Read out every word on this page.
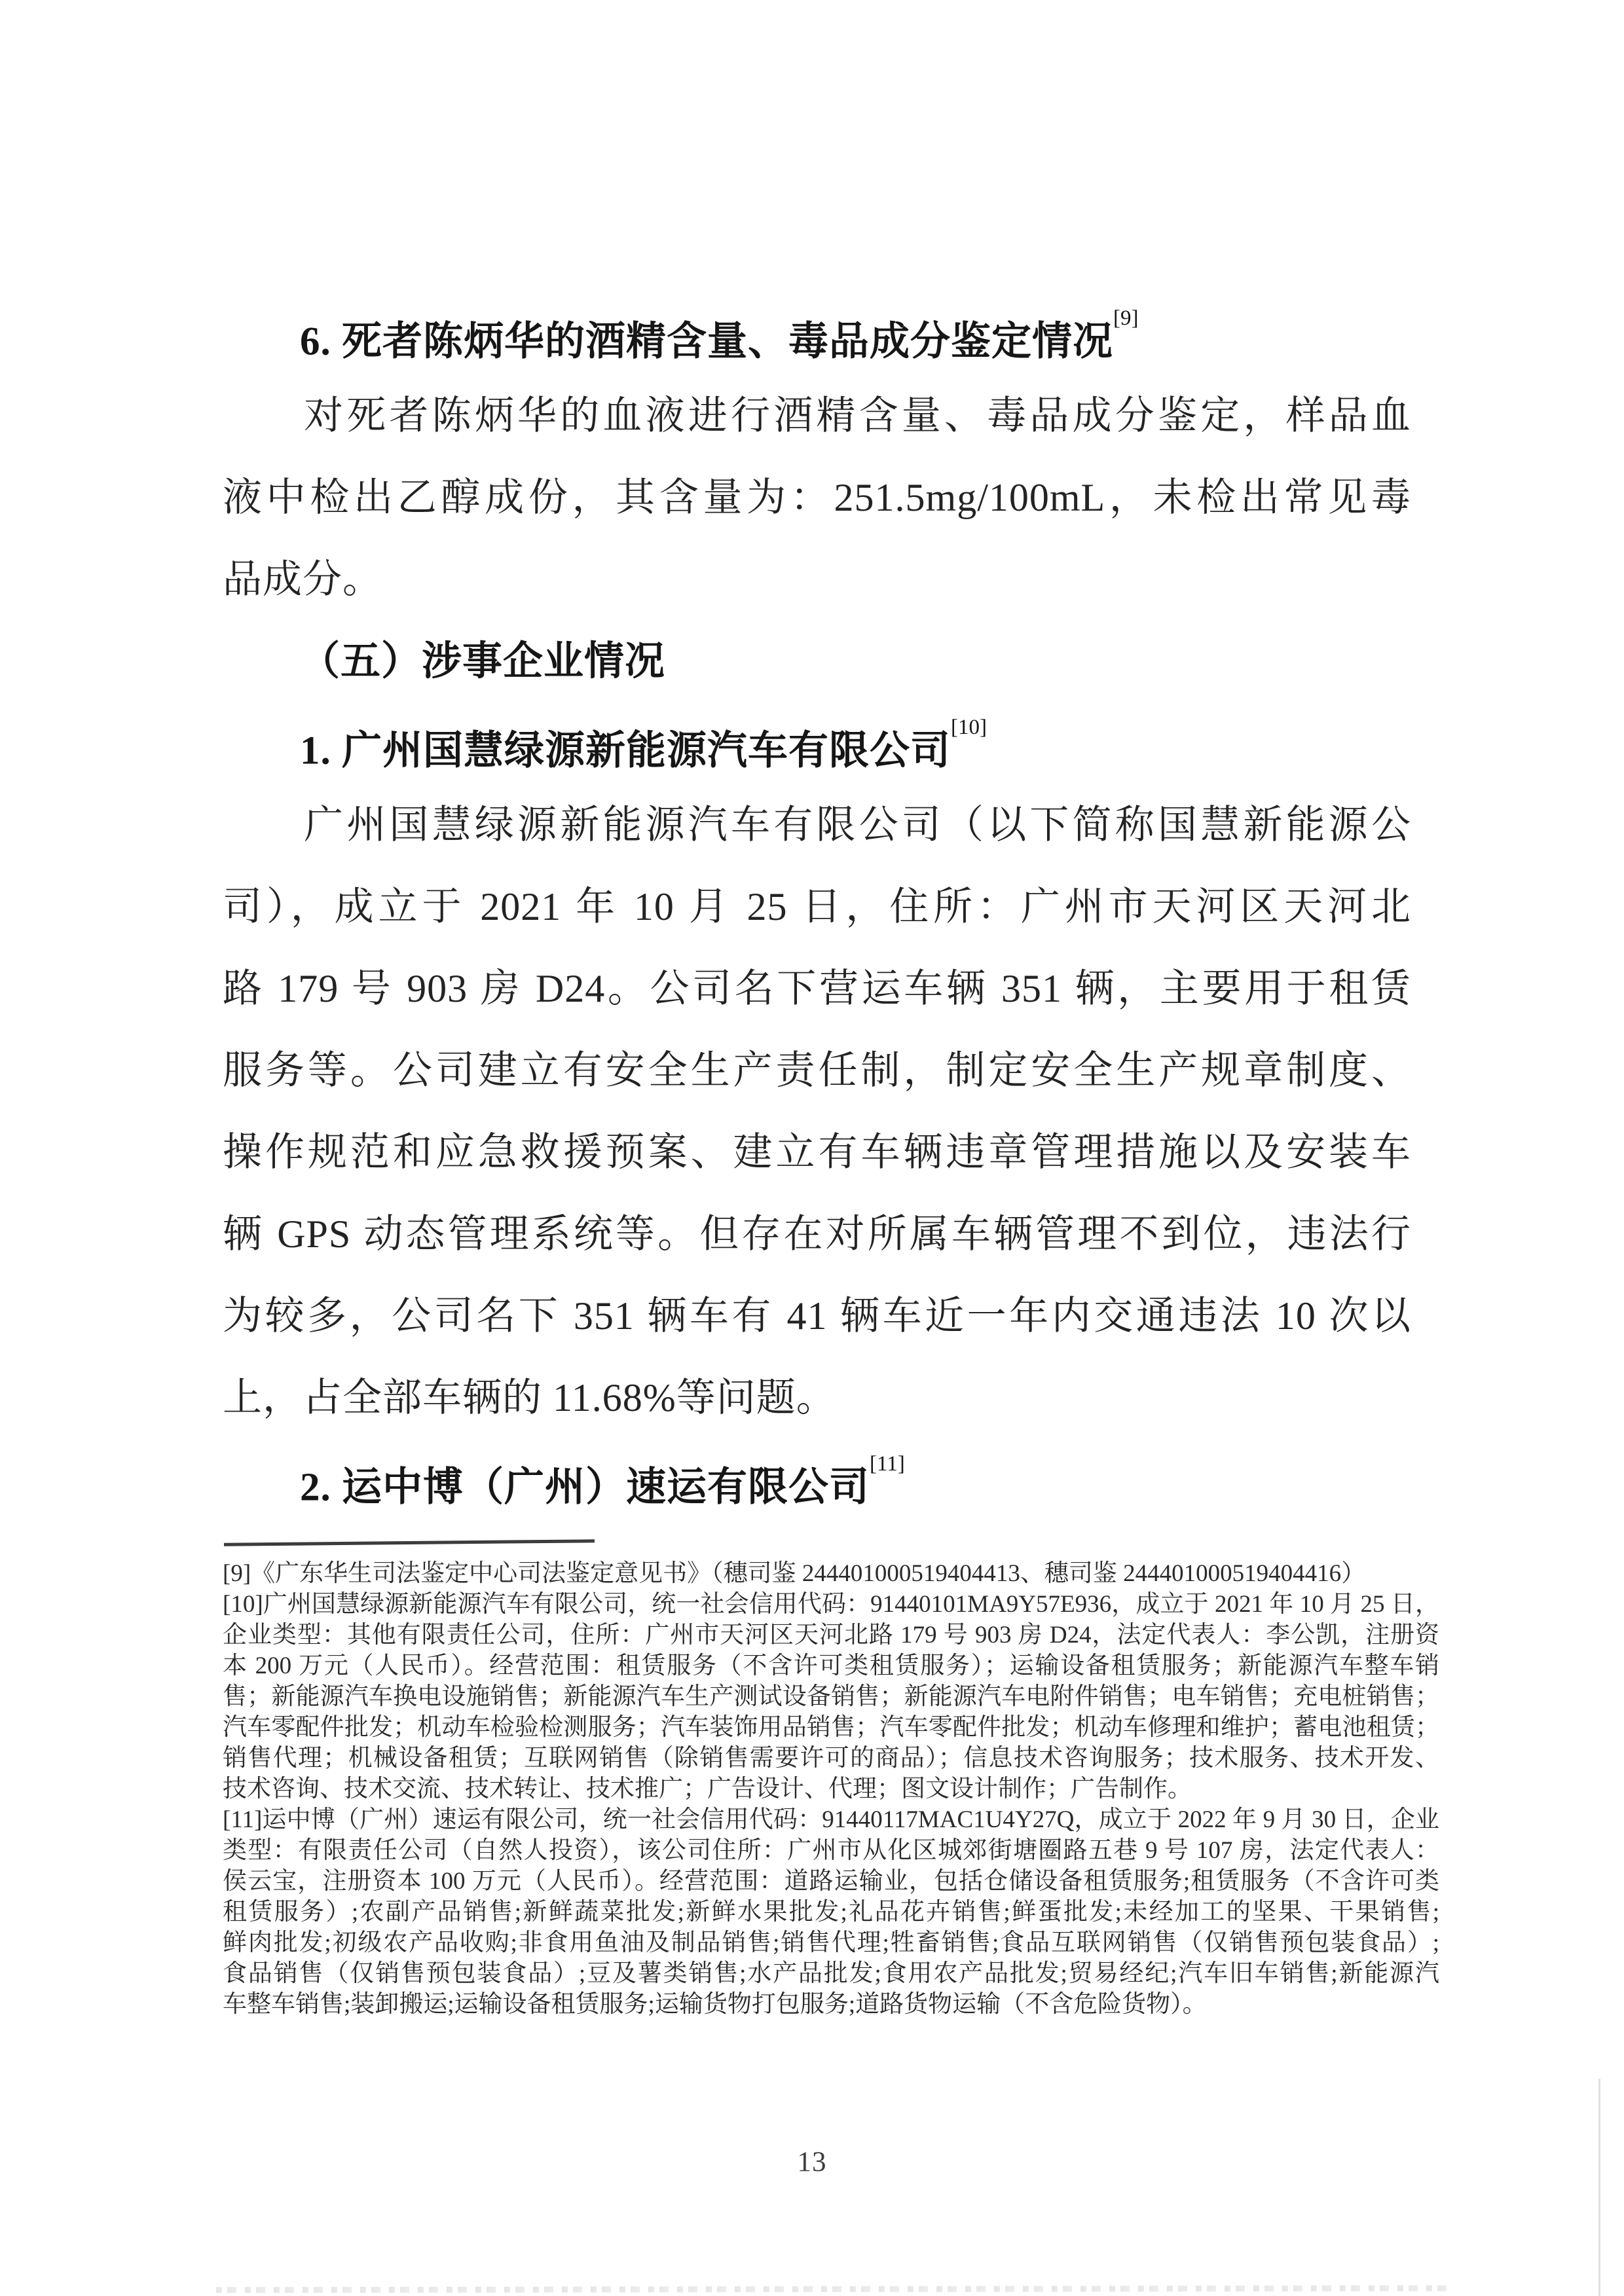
6. 死者陈炳华的酒精含量、毒品成分鉴定情况[9]
对死者陈炳华的血液进行酒精含量、毒品成分鉴定，样品血
液中检出乙醇成份，其含量为：251.5mg/100mL，未检出常见毒
品成分。
（五）涉事企业情况
1. 广州国慧绿源新能源汽车有限公司[10]
广州国慧绿源新能源汽车有限公司（以下简称国慧新能源公
司），成立于 2021 年 10 月 25 日，住所：广州市天河区天河北
路 179 号 903 房 D24。公司名下营运车辆 351 辆，主要用于租赁
服务等。公司建立有安全生产责任制，制定安全生产规章制度、
操作规范和应急救援预案、建立有车辆违章管理措施以及安装车
辆 GPS 动态管理系统等。但存在对所属车辆管理不到位，违法行
为较多，公司名下 351 辆车有 41 辆车近一年内交通违法 10 次以
上，占全部车辆的 11.68%等问题。
2. 运中博（广州）速运有限公司[11]
[9]《广东华生司法鉴定中心司法鉴定意见书》（穗司鉴 244401000519404413、穗司鉴 244401000519404416）
[10]广州国慧绿源新能源汽车有限公司，统一社会信用代码：91440101MA9Y57E936，成立于 2021 年 10 月 25 日，
企业类型：其他有限责任公司，住所：广州市天河区天河北路 179 号 903 房 D24，法定代表人：李公凯，注册资
本 200 万元（人民币）。经营范围：租赁服务（不含许可类租赁服务）；运输设备租赁服务；新能源汽车整车销
售；新能源汽车换电设施销售；新能源汽车生产测试设备销售；新能源汽车电附件销售；电车销售；充电桩销售；
汽车零配件批发；机动车检验检测服务；汽车装饰用品销售；汽车零配件批发；机动车修理和维护；蓄电池租赁；
销售代理；机械设备租赁；互联网销售（除销售需要许可的商品）；信息技术咨询服务；技术服务、技术开发、
技术咨询、技术交流、技术转让、技术推广；广告设计、代理；图文设计制作；广告制作。
[11]运中博（广州）速运有限公司，统一社会信用代码：91440117MAC1U4Y27Q，成立于 2022 年 9 月 30 日，企业
类型：有限责任公司（自然人投资），该公司住所：广州市从化区城郊街塘圈路五巷 9 号 107 房，法定代表人：
侯云宝，注册资本 100 万元（人民币）。经营范围：道路运输业，包括仓储设备租赁服务;租赁服务（不含许可类
租赁服务）;农副产品销售;新鲜蔬菜批发;新鲜水果批发;礼品花卉销售;鲜蛋批发;未经加工的坚果、干果销售;
鲜肉批发;初级农产品收购;非食用鱼油及制品销售;销售代理;牲畜销售;食品互联网销售（仅销售预包装食品）;
食品销售（仅销售预包装食品）;豆及薯类销售;水产品批发;食用农产品批发;贸易经纪;汽车旧车销售;新能源汽
车整车销售;装卸搬运;运输设备租赁服务;运输货物打包服务;道路货物运输（不含危险货物）。
13
